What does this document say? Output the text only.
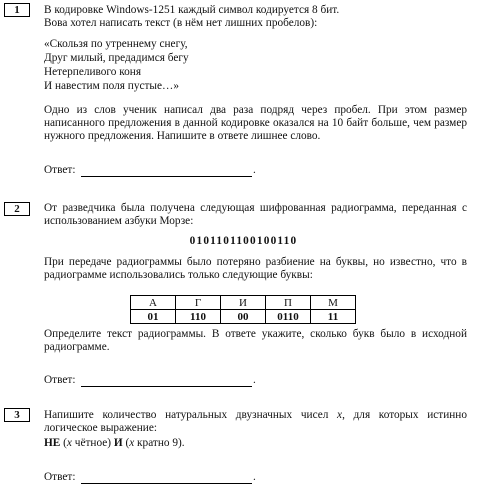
1	В кодировке Windows-1251 каждый символ кодируется 8 бит.
Вова хотел написать текст (в нём нет лишних пробелов):
«Скользя по утреннему снегу,
Друг милый, предадимся бегу
Нетерпеливого коня
И навестим поля пустые…»
Одно из слов ученик написал два раза подряд через пробел. При этом размер написанного предложения в данной кодировке оказался на 10 байт больше, чем размер нужного предложения. Напишите в ответе лишнее слово.
Ответ:	.
2	От разведчика была получена следующая шифрованная радиограмма, переданная с использованием азбуки Морзе:
0101101100100110
При передаче радиограммы было потеряно разбиение на буквы, но известно, что в радиограмме использовались только следующие буквы:
А	Г	И	П	М
01	110	00	0110	11
Определите текст радиограммы. В ответе укажите, сколько букв было в исходной радиограмме.
Ответ:	.
3	Напишите количество натуральных двузначных чисел x, для которых истинно логическое выражение:
НЕ (x чётное) И (x кратно 9).
Ответ:	.
